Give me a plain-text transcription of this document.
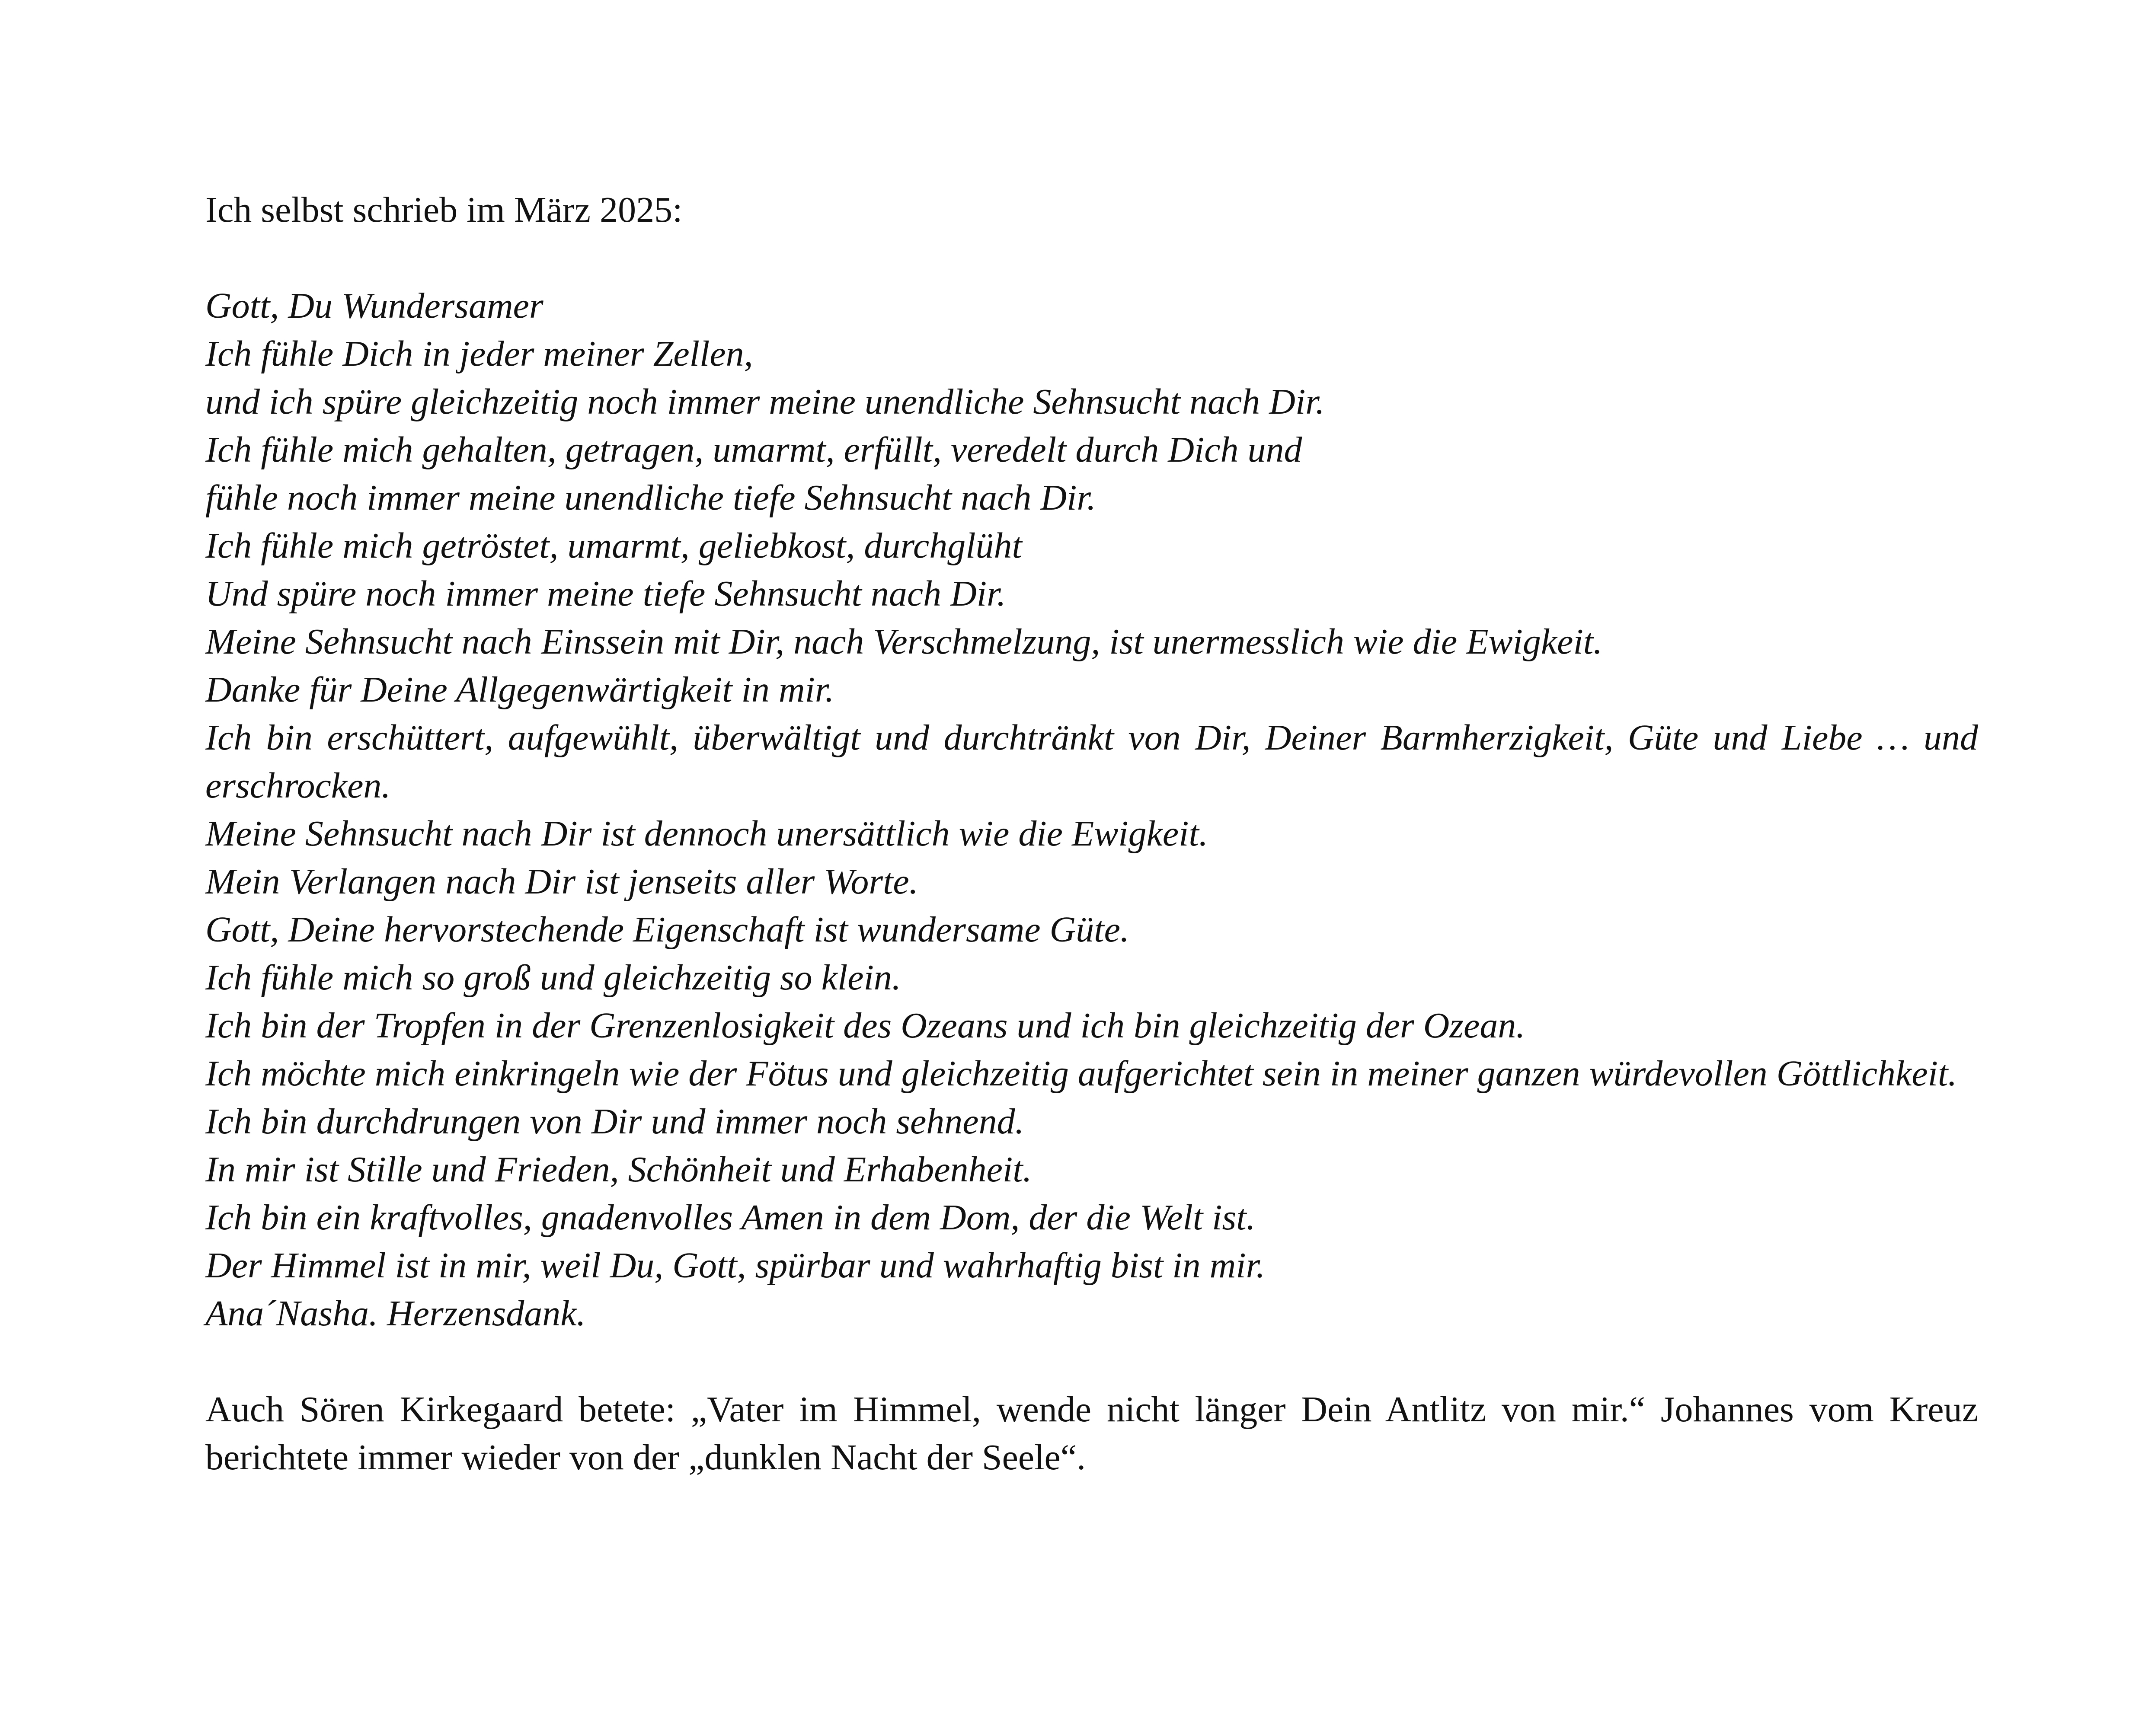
Ich selbst schrieb im März 2025:

Gott, Du Wundersamer
Ich fühle Dich in jeder meiner Zellen,
und ich spüre gleichzeitig noch immer meine unendliche Sehnsucht nach Dir.
Ich fühle mich gehalten, getragen, umarmt, erfüllt, veredelt durch Dich und
fühle noch immer meine unendliche tiefe Sehnsucht nach Dir.
Ich fühle mich getröstet, umarmt, geliebkost, durchglüht
Und spüre noch immer meine tiefe Sehnsucht nach Dir.
Meine Sehnsucht nach Einssein mit Dir, nach Verschmelzung, ist unermesslich wie die Ewigkeit.
Danke für Deine Allgegenwärtigkeit in mir.
Ich bin erschüttert, aufgewühlt, überwältigt und durchtränkt von Dir, Deiner Barmherzigkeit, Güte und Liebe … und erschrocken.
Meine Sehnsucht nach Dir ist dennoch unersättlich wie die Ewigkeit.
Mein Verlangen nach Dir ist jenseits aller Worte.
Gott, Deine hervorstechende Eigenschaft ist wundersame Güte.
Ich fühle mich so groß und gleichzeitig so klein.
Ich bin der Tropfen in der Grenzenlosigkeit des Ozeans und ich bin gleichzeitig der Ozean.
Ich möchte mich einkringeln wie der Fötus und gleichzeitig aufgerichtet sein in meiner ganzen würdevollen Göttlichkeit.
Ich bin durchdrungen von Dir und immer noch sehnend.
In mir ist Stille und Frieden, Schönheit und Erhabenheit.
Ich bin ein kraftvolles, gnadenvolles Amen in dem Dom, der die Welt ist.
Der Himmel ist in mir, weil Du, Gott, spürbar und wahrhaftig bist in mir.
Ana´Nasha. Herzensdank.

Auch Sören Kirkegaard betete: „Vater im Himmel, wende nicht länger Dein Antlitz von mir.“ Johannes vom Kreuz berichtete immer wieder von der „dunklen Nacht der Seele“.
